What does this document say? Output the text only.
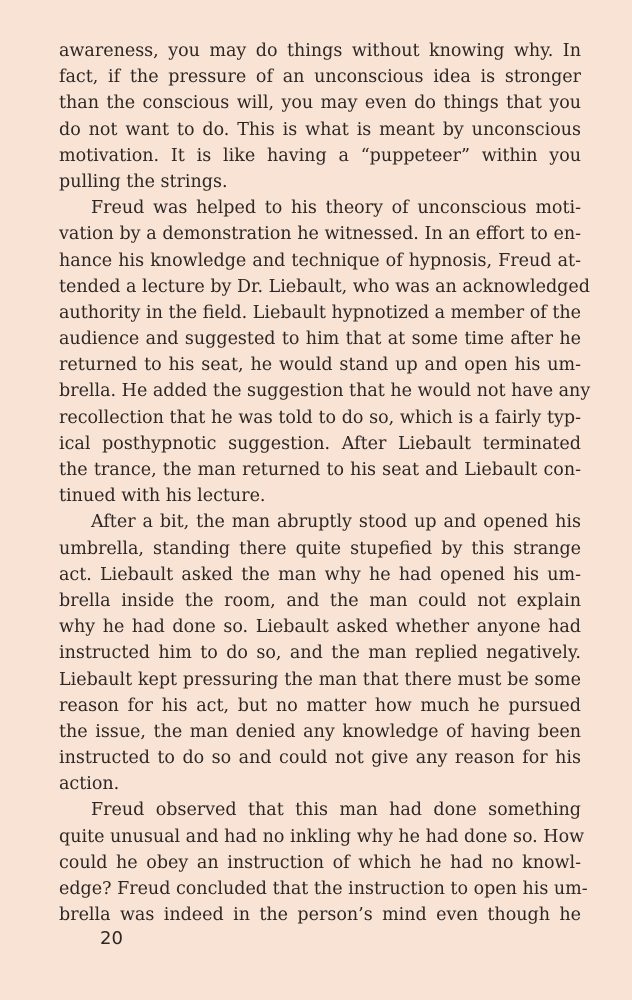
awareness, you may do things without knowing why. In
fact, if the pressure of an unconscious idea is stronger
than the conscious will, you may even do things that you
do not want to do. This is what is meant by unconscious
motivation. It is like having a “puppeteer” within you
pulling the strings.
Freud was helped to his theory of unconscious moti-
vation by a demonstration he witnessed. In an effort to en-
hance his knowledge and technique of hypnosis, Freud at-
tended a lecture by Dr. Liebault, who was an acknowledged
authority in the field. Liebault hypnotized a member of the
audience and suggested to him that at some time after he
returned to his seat, he would stand up and open his um-
brella. He added the suggestion that he would not have any
recollection that he was told to do so, which is a fairly typ-
ical posthypnotic suggestion. After Liebault terminated
the trance, the man returned to his seat and Liebault con-
tinued with his lecture.
After a bit, the man abruptly stood up and opened his
umbrella, standing there quite stupefied by this strange
act. Liebault asked the man why he had opened his um-
brella inside the room, and the man could not explain
why he had done so. Liebault asked whether anyone had
instructed him to do so, and the man replied negatively.
Liebault kept pressuring the man that there must be some
reason for his act, but no matter how much he pursued
the issue, the man denied any knowledge of having been
instructed to do so and could not give any reason for his
action.
Freud observed that this man had done something
quite unusual and had no inkling why he had done so. How
could he obey an instruction of which he had no knowl-
edge? Freud concluded that the instruction to open his um-
brella was indeed in the person’s mind even though he
20
